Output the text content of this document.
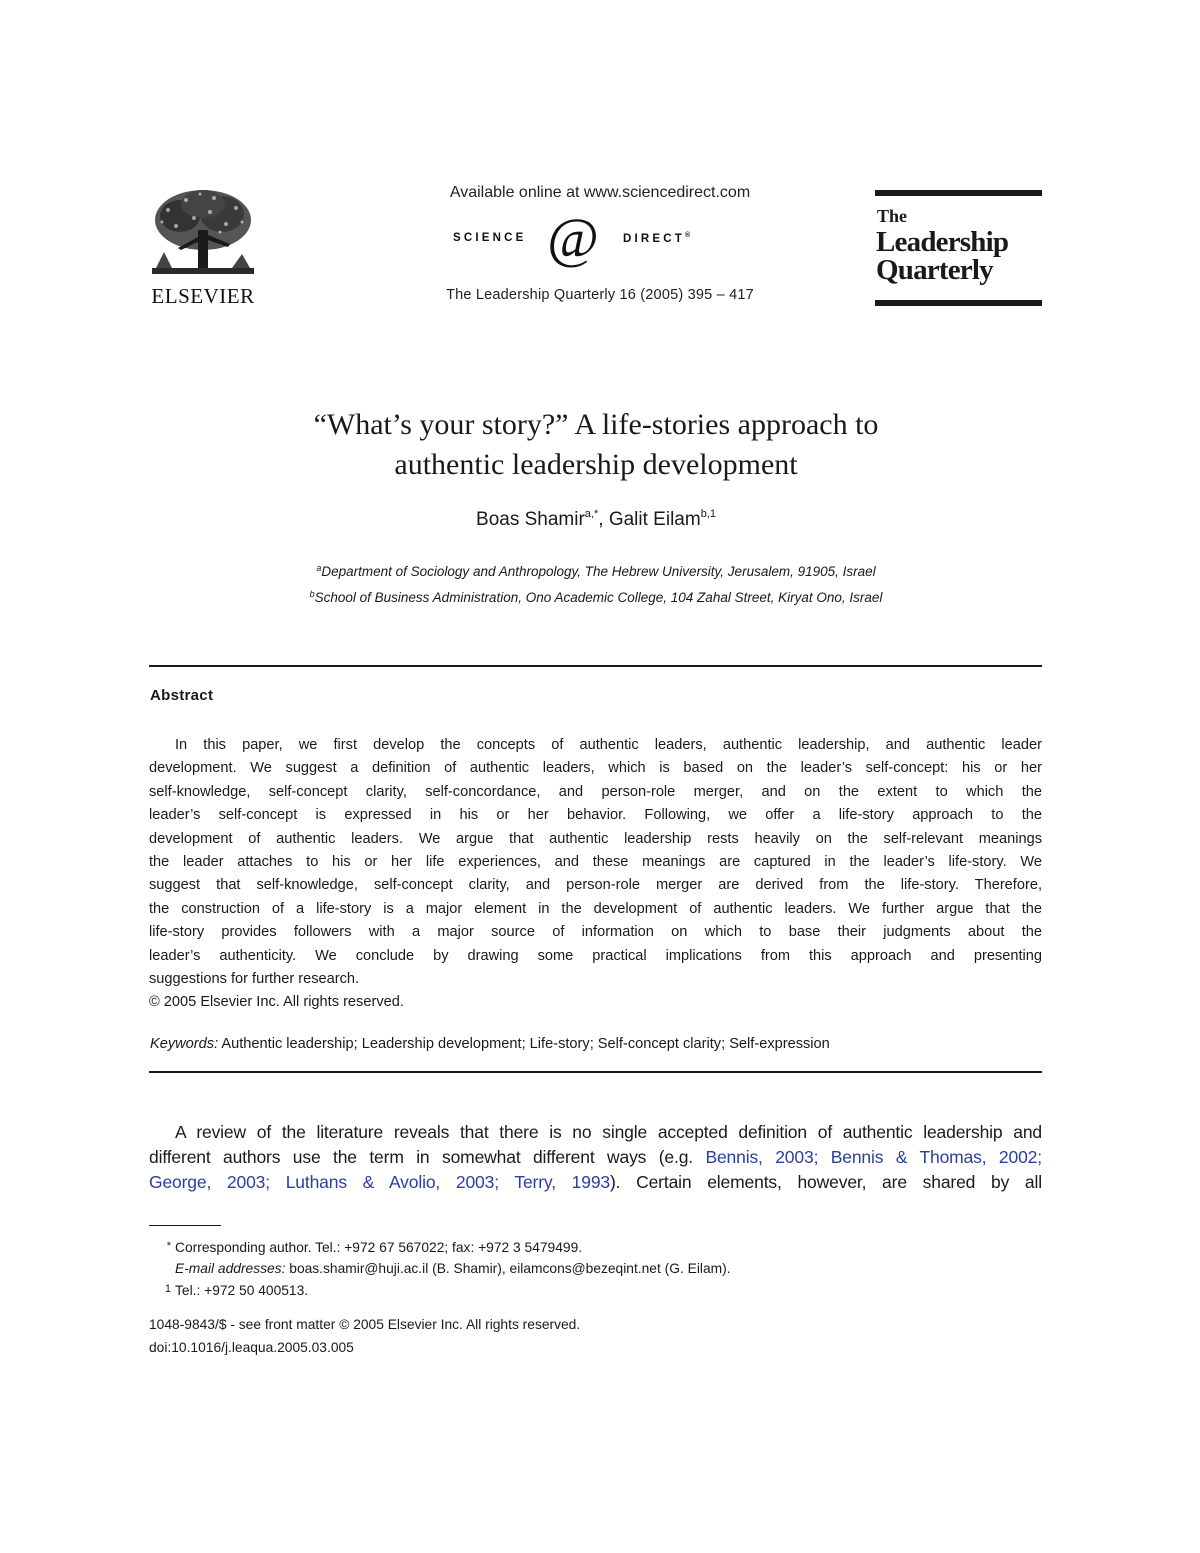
ELSEVIER
Available online at www.sciencedirect.com
SCIENCE @ DIRECT®
The Leadership Quarterly 16 (2005) 395 – 417
The
Leadership
Quarterly
“What’s your story?” A life-stories approach to
authentic leadership development
Boas Shamir$^{a,*}$, Galit Eilam$^{b,1}$
$^a$Department of Sociology and Anthropology, The Hebrew University, Jerusalem, 91905, Israel
$^b$School of Business Administration, Ono Academic College, 104 Zahal Street, Kiryat Ono, Israel
Abstract
In this paper, we first develop the concepts of authentic leaders, authentic leadership, and authentic leader
development. We suggest a definition of authentic leaders, which is based on the leader’s self-concept: his or her
self-knowledge, self-concept clarity, self-concordance, and person-role merger, and on the extent to which the
leader’s self-concept is expressed in his or her behavior. Following, we offer a life-story approach to the
development of authentic leaders. We argue that authentic leadership rests heavily on the self-relevant meanings
the leader attaches to his or her life experiences, and these meanings are captured in the leader’s life-story. We
suggest that self-knowledge, self-concept clarity, and person-role merger are derived from the life-story. Therefore,
the construction of a life-story is a major element in the development of authentic leaders. We further argue that the
life-story provides followers with a major source of information on which to base their judgments about the
leader’s authenticity. We conclude by drawing some practical implications from this approach and presenting
suggestions for further research.
© 2005 Elsevier Inc. All rights reserved.
Keywords: Authentic leadership; Leadership development; Life-story; Self-concept clarity; Self-expression
A review of the literature reveals that there is no single accepted definition of authentic leadership and
different authors use the term in somewhat different ways (e.g. Bennis, 2003; Bennis & Thomas, 2002;
George, 2003; Luthans & Avolio, 2003; Terry, 1993). Certain elements, however, are shared by all
* Corresponding author. Tel.: +972 67 567022; fax: +972 3 5479499.
E-mail addresses: boas.shamir@huji.ac.il (B. Shamir), eilamcons@bezeqint.net (G. Eilam).
1 Tel.: +972 50 400513.
1048-9843/$ - see front matter © 2005 Elsevier Inc. All rights reserved.
doi:10.1016/j.leaqua.2005.03.005
